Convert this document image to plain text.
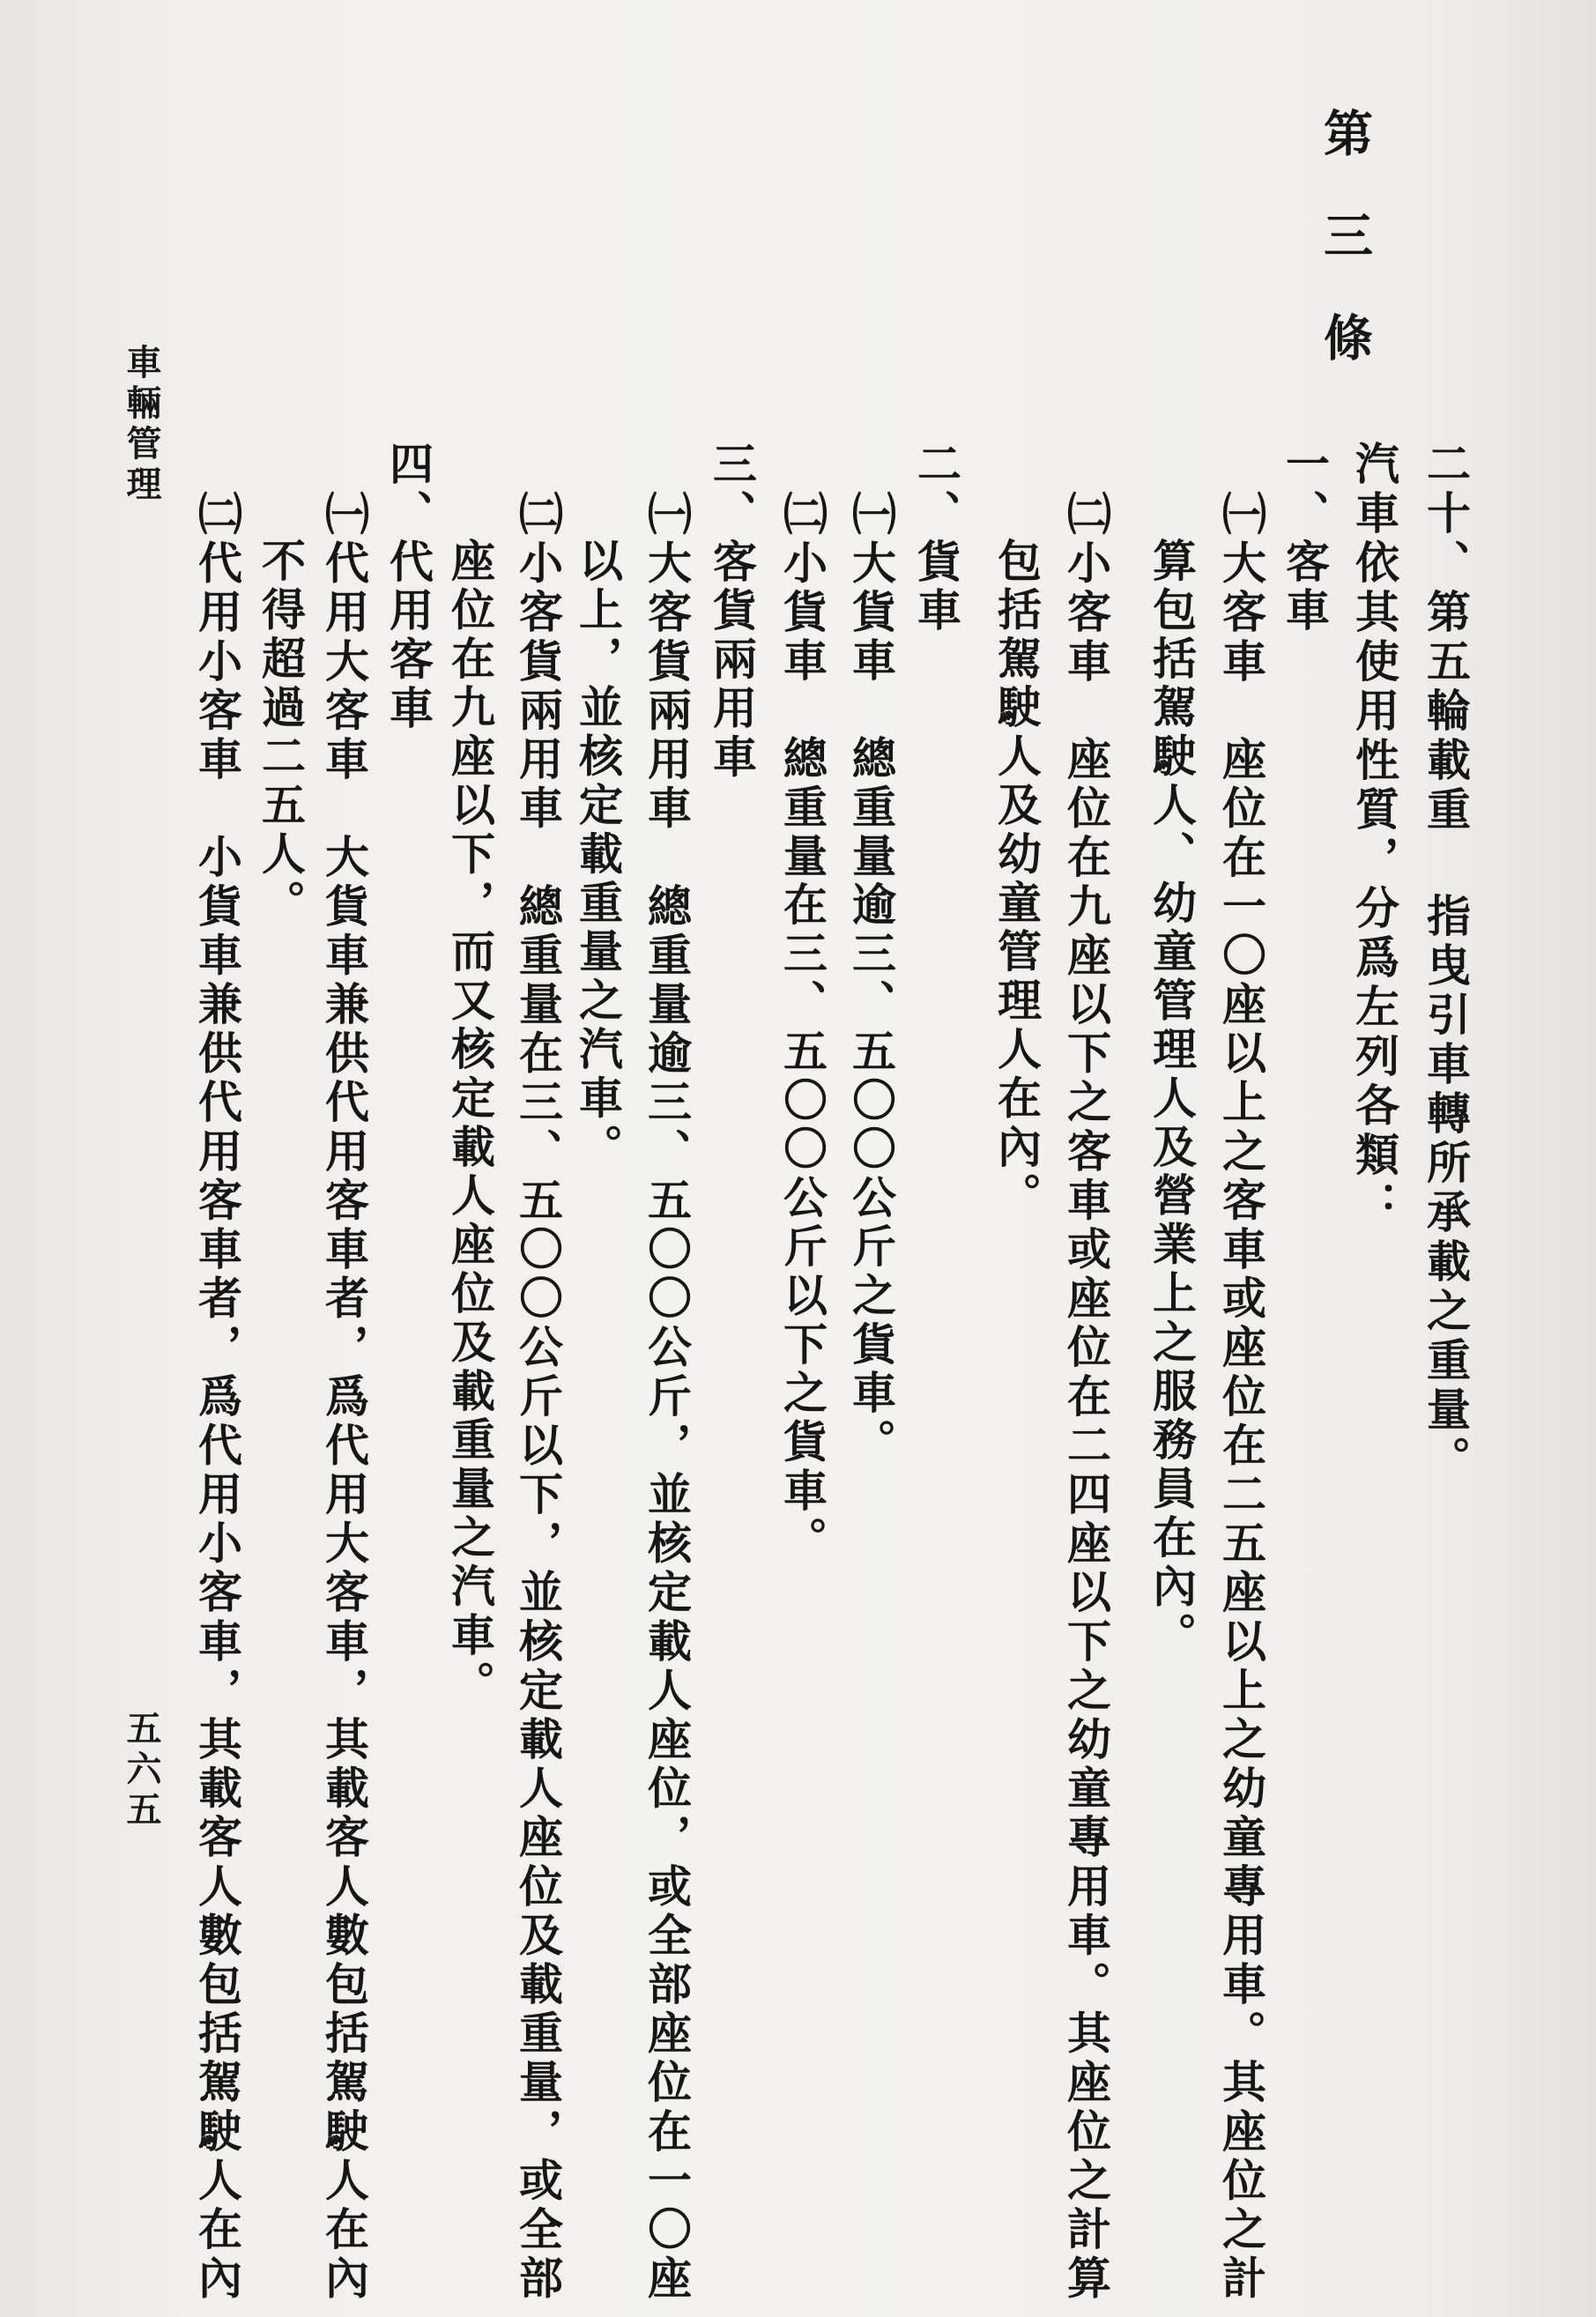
第三條
二十、第五輪載重 指曳引車轉所承載之重量。
汽車依其使用性質，分爲左列各類：
一、客車
㈠大客車　座位在一〇座以上之客車或座位在二五座以上之幼童專用車。其座位之計
算包括駕駛人、幼童管理人及營業上之服務員在內。
㈡小客車　座位在九座以下之客車或座位在二四座以下之幼童專用車。其座位之計算
包括駕駛人及幼童管理人在內。
二、貨車
㈠大貨車　總重量逾三、五〇〇公斤之貨車。
㈡小貨車　總重量在三、五〇〇公斤以下之貨車。
三、客貨兩用車
㈠大客貨兩用車　總重量逾三、五〇〇公斤，並核定載人座位，或全部座位在一〇座
以上，並核定載重量之汽車。
㈡小客貨兩用車　總重量在三、五〇〇公斤以下，並核定載人座位及載重量，或全部
座位在九座以下，而又核定載人座位及載重量之汽車。
四、代用客車
㈠代用大客車　大貨車兼供代用客車者，爲代用大客車，其載客人數包括駕駛人在內
不得超過二五人。
㈡代用小客車　小貨車兼供代用客車者，爲代用小客車，其載客人數包括駕駛人在內
車輛管理
五六五
